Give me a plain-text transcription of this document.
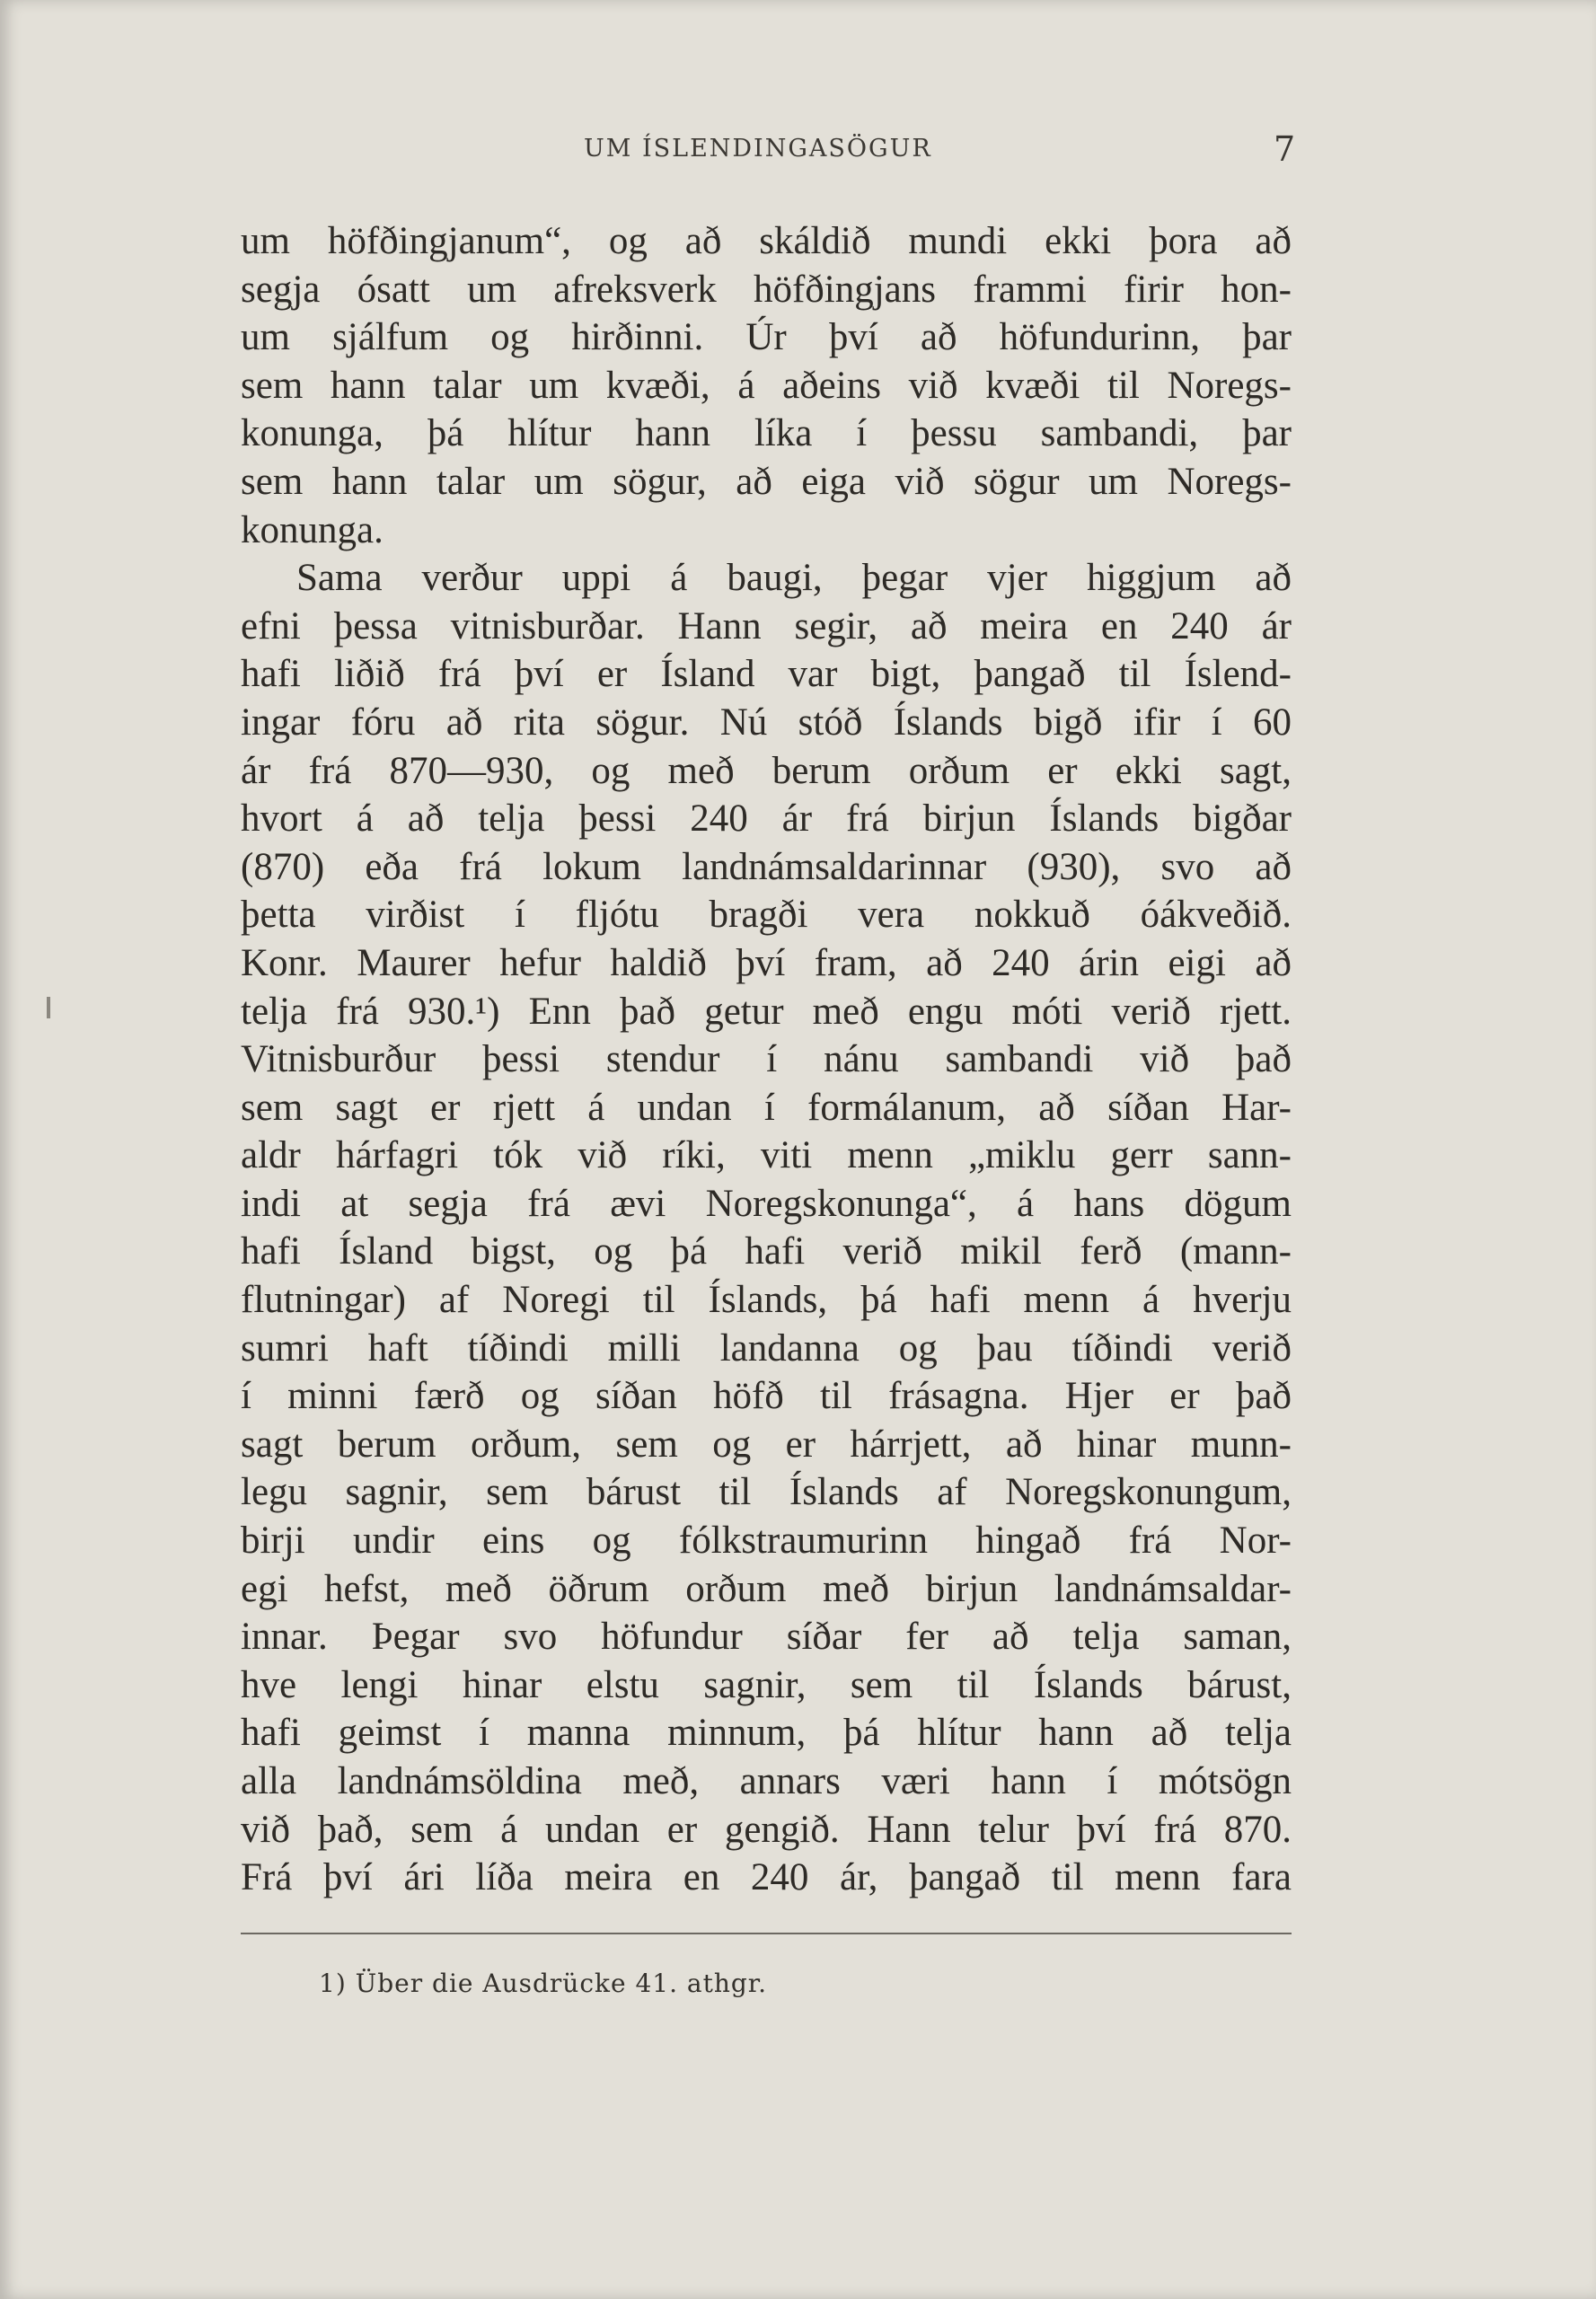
UM ÍSLENDINGASÖGUR	7
um höfðingjanum“, og að skáldið mundi ekki þora að
segja ósatt um afreksverk höfðingjans frammi firir hon-
um sjálfum og hirðinni. Úr því að höfundurinn, þar
sem hann talar um kvæði, á aðeins við kvæði til Noregs-
konunga, þá hlítur hann líka í þessu sambandi, þar
sem hann talar um sögur, að eiga við sögur um Noregs-
konunga.
Sama verður uppi á baugi, þegar vjer higgjum að
efni þessa vitnisburðar. Hann segir, að meira en 240 ár
hafi liðið frá því er Ísland var bigt, þangað til Íslend-
ingar fóru að rita sögur. Nú stóð Íslands bigð ifir í 60
ár frá 870—930, og með berum orðum er ekki sagt,
hvort á að telja þessi 240 ár frá birjun Íslands bigðar
(870) eða frá lokum landnámsaldarinnar (930), svo að
þetta virðist í fljótu bragði vera nokkuð óákveðið.
Konr. Maurer hefur haldið því fram, að 240 árin eigi að
telja frá 930.¹) Enn það getur með engu móti verið rjett.
Vitnisburður þessi stendur í nánu sambandi við það
sem sagt er rjett á undan í formálanum, að síðan Har-
aldr hárfagri tók við ríki, viti menn „miklu gerr sann-
indi at segja frá ævi Noregskonunga“, á hans dögum
hafi Ísland bigst, og þá hafi verið mikil ferð (mann-
flutningar) af Noregi til Íslands, þá hafi menn á hverju
sumri haft tíðindi milli landanna og þau tíðindi verið
í minni færð og síðan höfð til frásagna. Hjer er það
sagt berum orðum, sem og er hárrjett, að hinar munn-
legu sagnir, sem bárust til Íslands af Noregskonungum,
birji undir eins og fólkstraumurinn hingað frá Nor-
egi hefst, með öðrum orðum með birjun landnámsaldar-
innar. Þegar svo höfundur síðar fer að telja saman,
hve lengi hinar elstu sagnir, sem til Íslands bárust,
hafi geimst í manna minnum, þá hlítur hann að telja
alla landnámsöldina með, annars væri hann í mótsögn
við það, sem á undan er gengið. Hann telur því frá 870.
Frá því ári líða meira en 240 ár, þangað til menn fara
1) Über die Ausdrücke 41. athgr.
